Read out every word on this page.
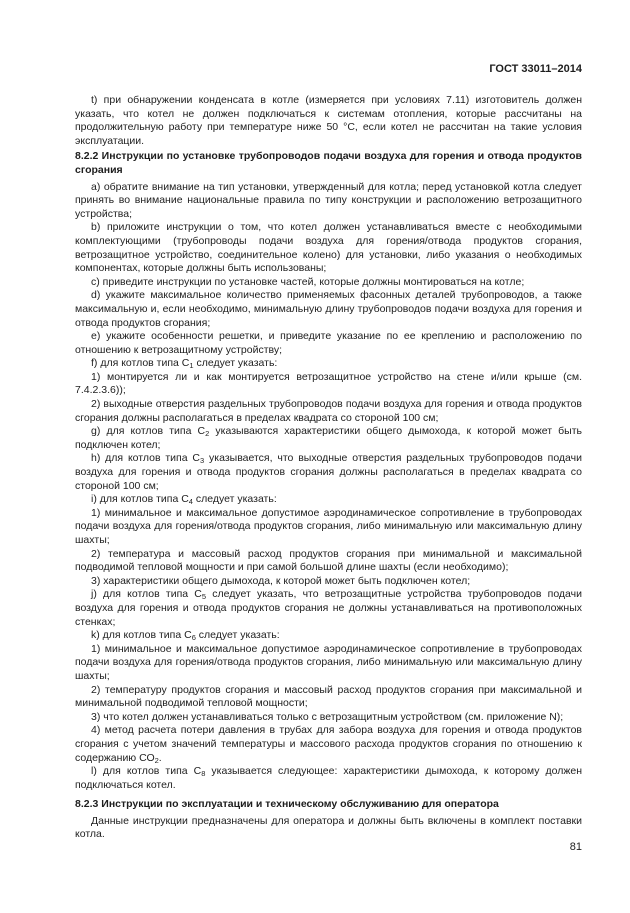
ГОСТ 33011–2014

t) при обнаружении конденсата в котле (измеряется при условиях 7.11) изготовитель должен указать, что котел не должен подключаться к системам отопления, которые рассчитаны на продолжительную работу при температуре ниже 50 °С, если котел не рассчитан на такие условия эксплуатации.

8.2.2 Инструкции по установке трубопроводов подачи воздуха для горения и отвода продуктов сгорания

а) обратите внимание на тип установки, утвержденный для котла; перед установкой котла следует принять во внимание национальные правила по типу конструкции и расположению ветрозащитного устройства;

b) приложите инструкции о том, что котел должен устанавливаться вместе с необходимыми комплектующими (трубопроводы подачи воздуха для горения/отвода продуктов сгорания, ветрозащитное устройство, соединительное колено) для установки, либо указания о необходимых компонентах, которые должны быть использованы;

c) приведите инструкции по установке частей, которые должны монтироваться на котле;

d) укажите максимальное количество применяемых фасонных деталей трубопроводов, а также максимальную и, если необходимо, минимальную длину трубопроводов подачи воздуха для горения и отвода продуктов сгорания;

e) укажите особенности решетки, и приведите указание по ее креплению и расположению по отношению к ветрозащитному устройству;

f) для котлов типа $С_1$ следует указать:

1) монтируется ли и как монтируется ветрозащитное устройство на стене и/или крыше (см. 7.4.2.3.6));

2) выходные отверстия раздельных трубопроводов подачи воздуха для горения и отвода продуктов сгорания должны располагаться в пределах квадрата со стороной 100 см;

g) для котлов типа $С_2$ указываются характеристики общего дымохода, к которой может быть подключен котел;

h) для котлов типа $С_3$ указывается, что выходные отверстия раздельных трубопроводов подачи воздуха для горения и отвода продуктов сгорания должны располагаться в пределах квадрата со стороной 100 см;

i) для котлов типа $С_4$ следует указать:

1) минимальное и максимальное допустимое аэродинамическое сопротивление в трубопроводах подачи воздуха для горения/отвода продуктов сгорания, либо минимальную или максимальную длину шахты;

2) температура и массовый расход продуктов сгорания при минимальной и максимальной подводимой тепловой мощности и при самой большой длине шахты (если необходимо);

3) характеристики общего дымохода, к которой может быть подключен котел;

j) для котлов типа $С_5$ следует указать, что ветрозащитные устройства трубопроводов подачи воздуха для горения и отвода продуктов сгорания не должны устанавливаться на противоположных стенках;

k) для котлов типа $С_6$ следует указать:

1) минимальное и максимальное допустимое аэродинамическое сопротивление в трубопроводах подачи воздуха для горения/отвода продуктов сгорания, либо минимальную или максимальную длину шахты;

2) температуру продуктов сгорания и массовый расход продуктов сгорания при максимальной и минимальной подводимой тепловой мощности;

3) что котел должен устанавливаться только с ветрозащитным устройством (см. приложение N);

4) метод расчета потери давления в трубах для забора воздуха для горения и отвода продуктов сгорания с учетом значений температуры и массового расхода продуктов сгорания по отношению к содержанию $СО_2$.

l) для котлов типа $С_8$ указывается следующее: характеристики дымохода, к которому должен подключаться котел.

8.2.3 Инструкции по эксплуатации и техническому обслуживанию для оператора

Данные инструкции предназначены для оператора и должны быть включены в комплект поставки котла.

81
